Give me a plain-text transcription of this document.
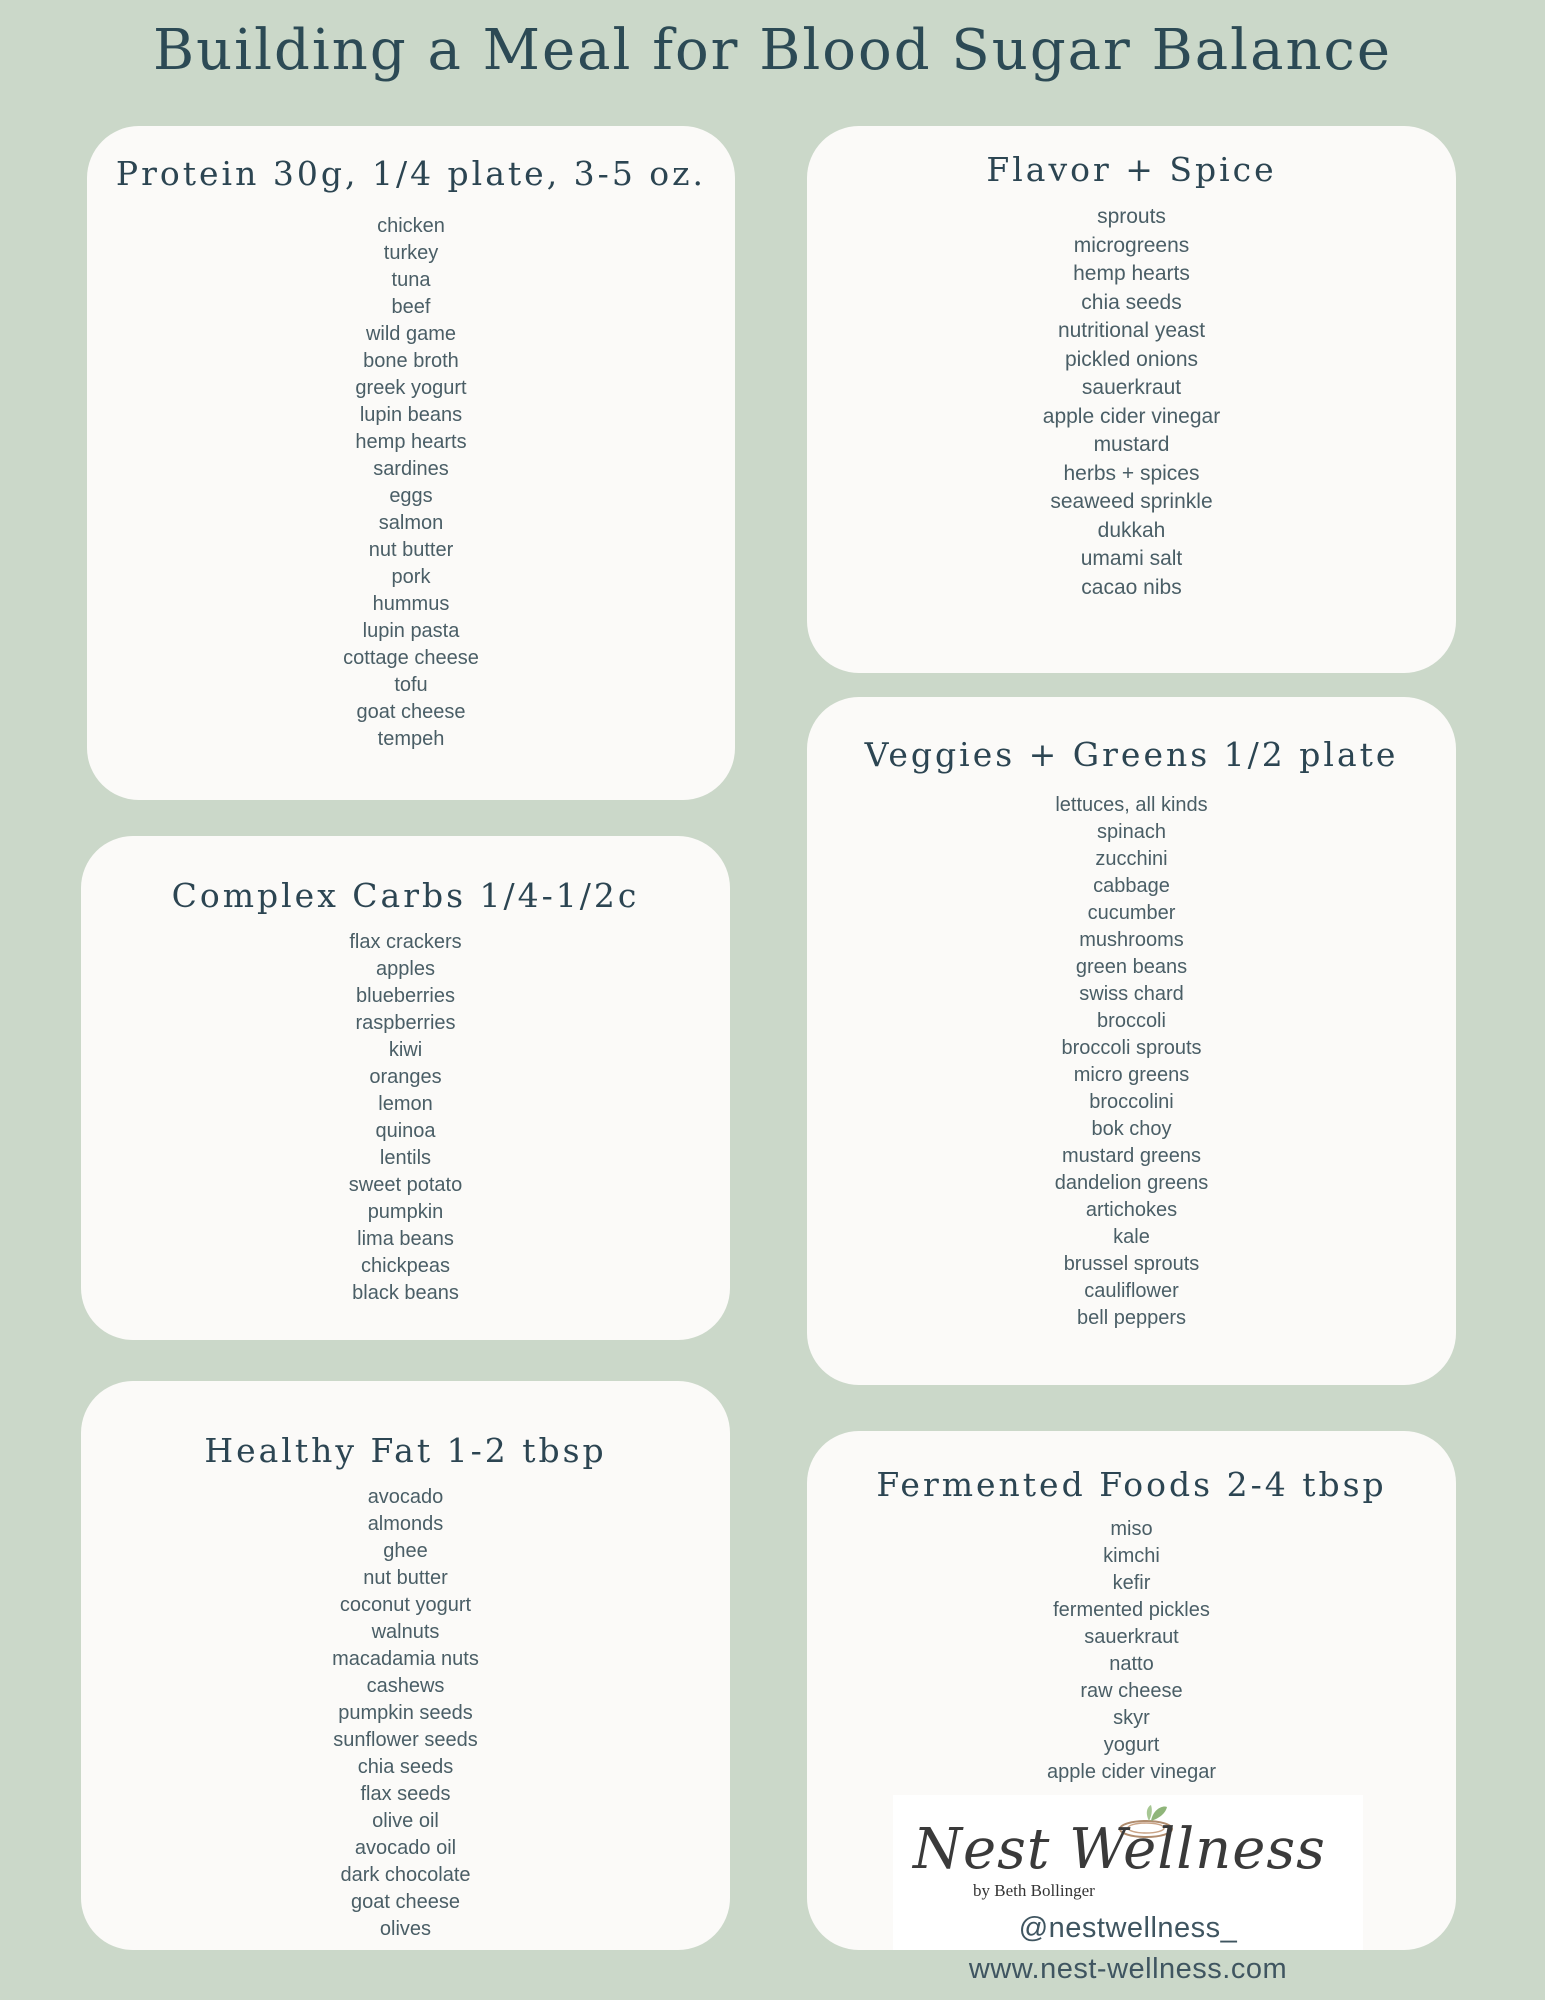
Building a Meal for Blood Sugar Balance
Protein 30g, 1/4 plate, 3-5 oz.
chicken
turkey
tuna
beef
wild game
bone broth
greek yogurt
lupin beans
hemp hearts
sardines
eggs
salmon
nut butter
pork
hummus
lupin pasta
cottage cheese
tofu
goat cheese
tempeh
Complex Carbs 1/4-1/2c
flax crackers
apples
blueberries
raspberries
kiwi
oranges
lemon
quinoa
lentils
sweet potato
pumpkin
lima beans
chickpeas
black beans
Healthy Fat 1-2 tbsp
avocado
almonds
ghee
nut butter
coconut yogurt
walnuts
macadamia nuts
cashews
pumpkin seeds
sunflower seeds
chia seeds
flax seeds
olive oil
avocado oil
dark chocolate
goat cheese
olives
Flavor + Spice
sprouts
microgreens
hemp hearts
chia seeds
nutritional yeast
pickled onions
sauerkraut
apple cider vinegar
mustard
herbs + spices
seaweed sprinkle
dukkah
umami salt
cacao nibs
Veggies + Greens 1/2 plate
lettuces, all kinds
spinach
zucchini
cabbage
cucumber
mushrooms
green beans
swiss chard
broccoli
broccoli sprouts
micro greens
broccolini
bok choy
mustard greens
dandelion greens
artichokes
kale
brussel sprouts
cauliflower
bell peppers
Fermented Foods 2-4 tbsp
miso
kimchi
kefir
fermented pickles
sauerkraut
natto
raw cheese
skyr
yogurt
apple cider vinegar
Nest Wellness
by Beth Bollinger
@nestwellness_
www.nest-wellness.com
